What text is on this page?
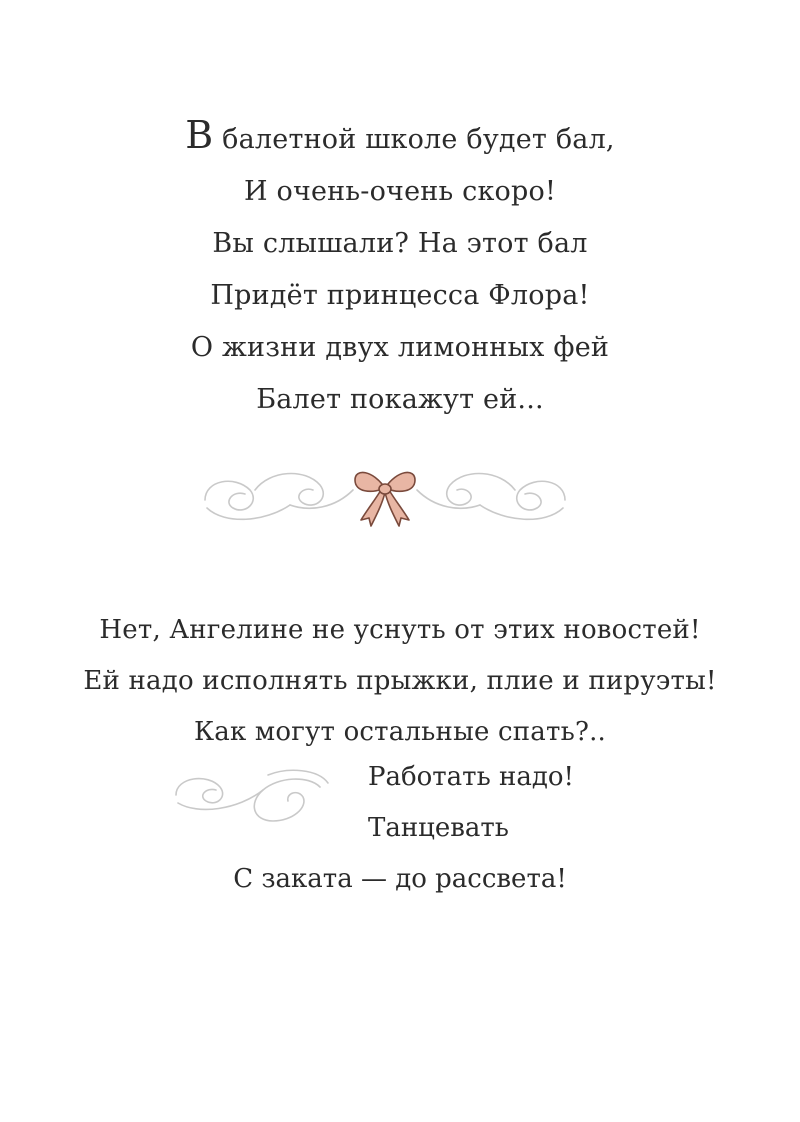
В балетной школе будет бал,
И очень-очень скоро!
Вы слышали? На этот бал
Придёт принцесса Флора!
О жизни двух лимонных фей
Балет покажут ей...
Нет, Ангелине не уснуть от этих новостей!
Ей надо исполнять прыжки, плие и пируэты!
Как могут остальные спать?..
Работать надо!
Танцевать
С заката — до рассвета!
